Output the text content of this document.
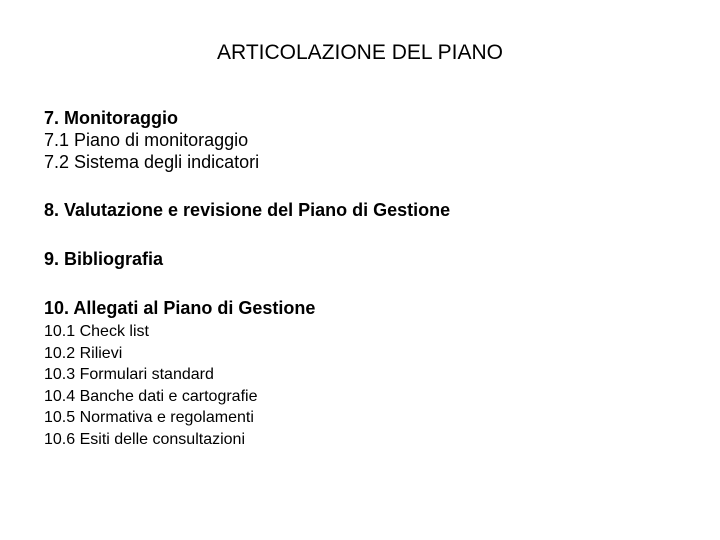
ARTICOLAZIONE DEL PIANO
7. Monitoraggio
7.1 Piano di monitoraggio
7.2 Sistema degli indicatori
8. Valutazione e revisione del Piano di Gestione
9. Bibliografia
10. Allegati al Piano di Gestione
10.1 Check list
10.2 Rilievi
10.3 Formulari standard
10.4 Banche dati e cartografie
10.5 Normativa e regolamenti
10.6 Esiti delle consultazioni
